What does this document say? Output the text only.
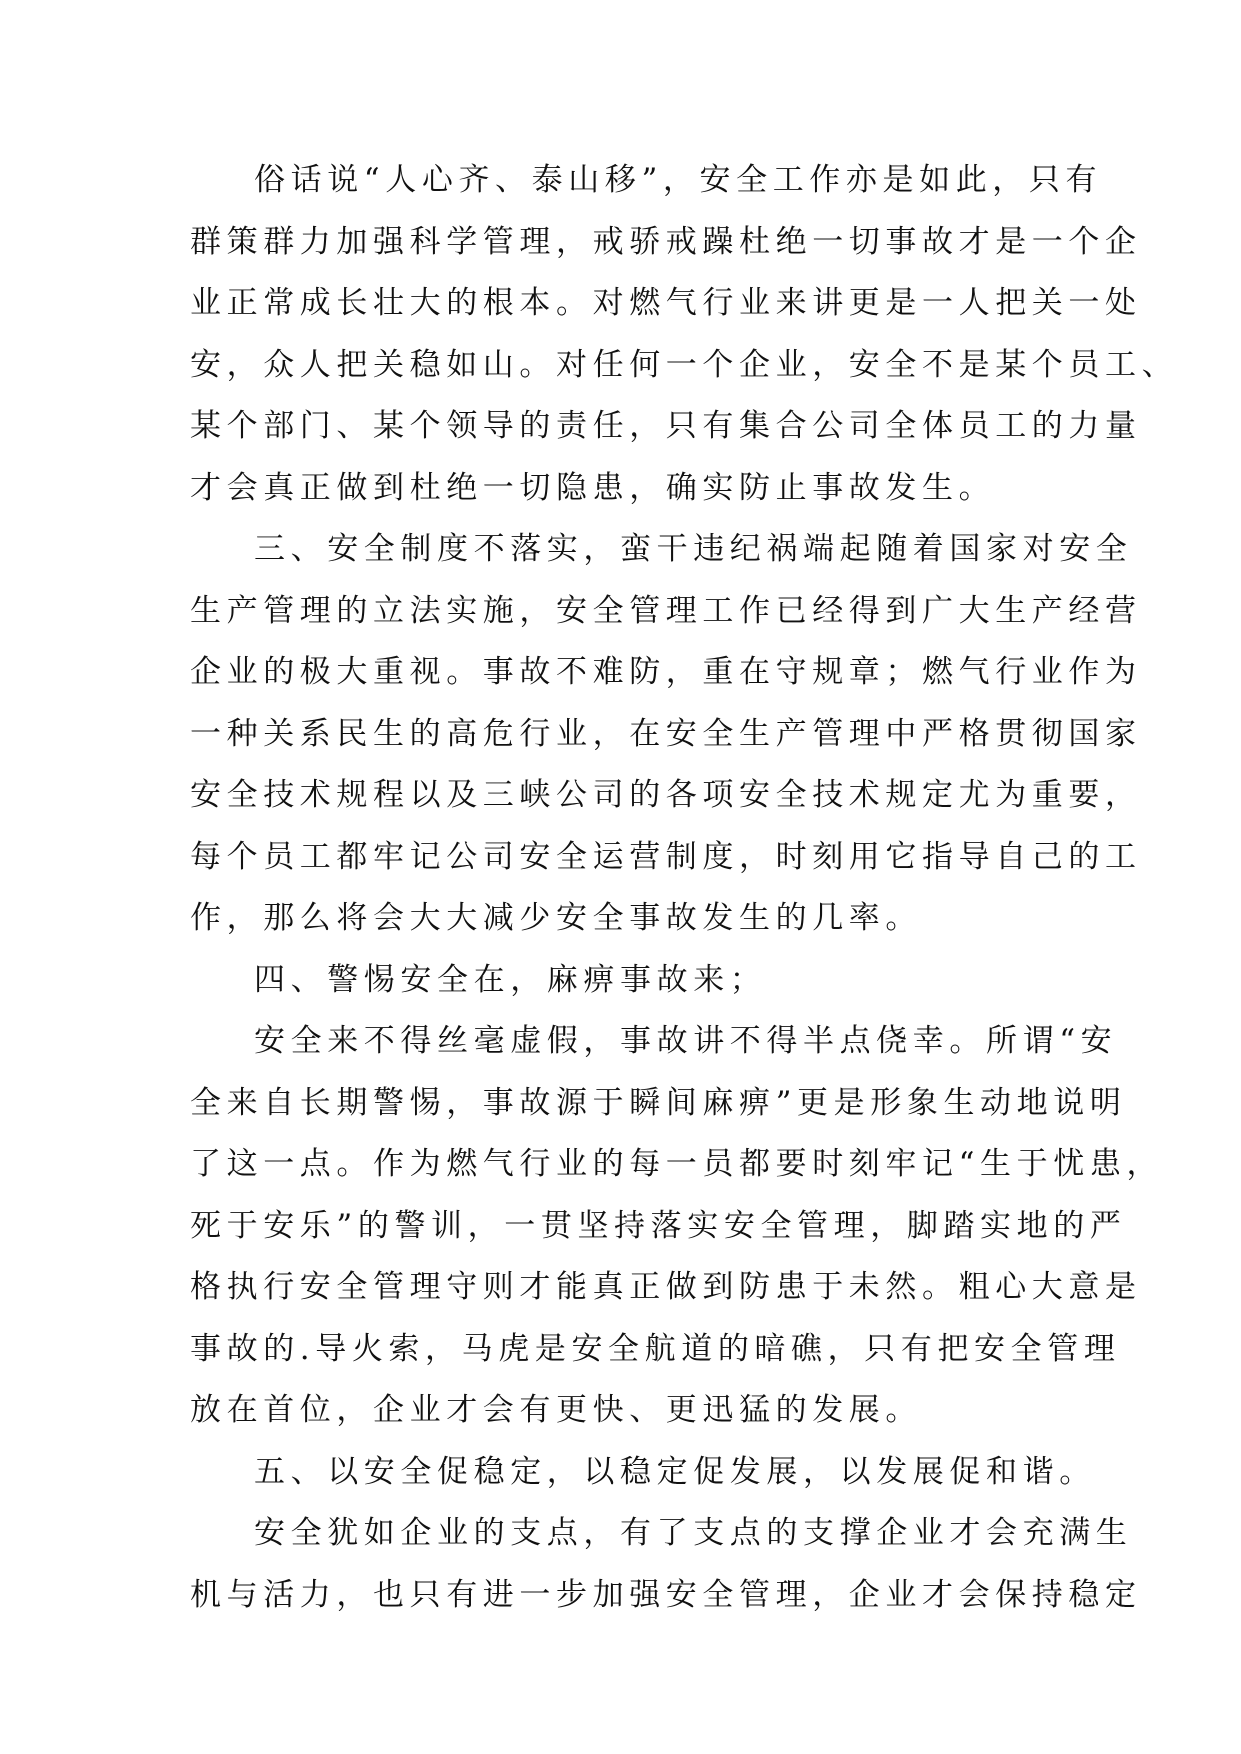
俗话说“人心齐、泰山移”，安全工作亦是如此，只有
群策群力加强科学管理，戒骄戒躁杜绝一切事故才是一个企
业正常成长壮大的根本。对燃气行业来讲更是一人把关一处
安，众人把关稳如山。对任何一个企业，安全不是某个员工、
某个部门、某个领导的责任，只有集合公司全体员工的力量
才会真正做到杜绝一切隐患，确实防止事故发生。
三、安全制度不落实，蛮干违纪祸端起随着国家对安全
生产管理的立法实施，安全管理工作已经得到广大生产经营
企业的极大重视。事故不难防，重在守规章；燃气行业作为
一种关系民生的高危行业，在安全生产管理中严格贯彻国家
安全技术规程以及三峡公司的各项安全技术规定尤为重要，
每个员工都牢记公司安全运营制度，时刻用它指导自己的工
作，那么将会大大减少安全事故发生的几率。
四、警惕安全在，麻痹事故来；
安全来不得丝毫虚假，事故讲不得半点侥幸。所谓“安
全来自长期警惕，事故源于瞬间麻痹”更是形象生动地说明
了这一点。作为燃气行业的每一员都要时刻牢记“生于忧患，
死于安乐”的警训，一贯坚持落实安全管理，脚踏实地的严
格执行安全管理守则才能真正做到防患于未然。粗心大意是
事故的.导火索，马虎是安全航道的暗礁，只有把安全管理
放在首位，企业才会有更快、更迅猛的发展。
五、以安全促稳定，以稳定促发展，以发展促和谐。
安全犹如企业的支点，有了支点的支撑企业才会充满生
机与活力，也只有进一步加强安全管理，企业才会保持稳定
